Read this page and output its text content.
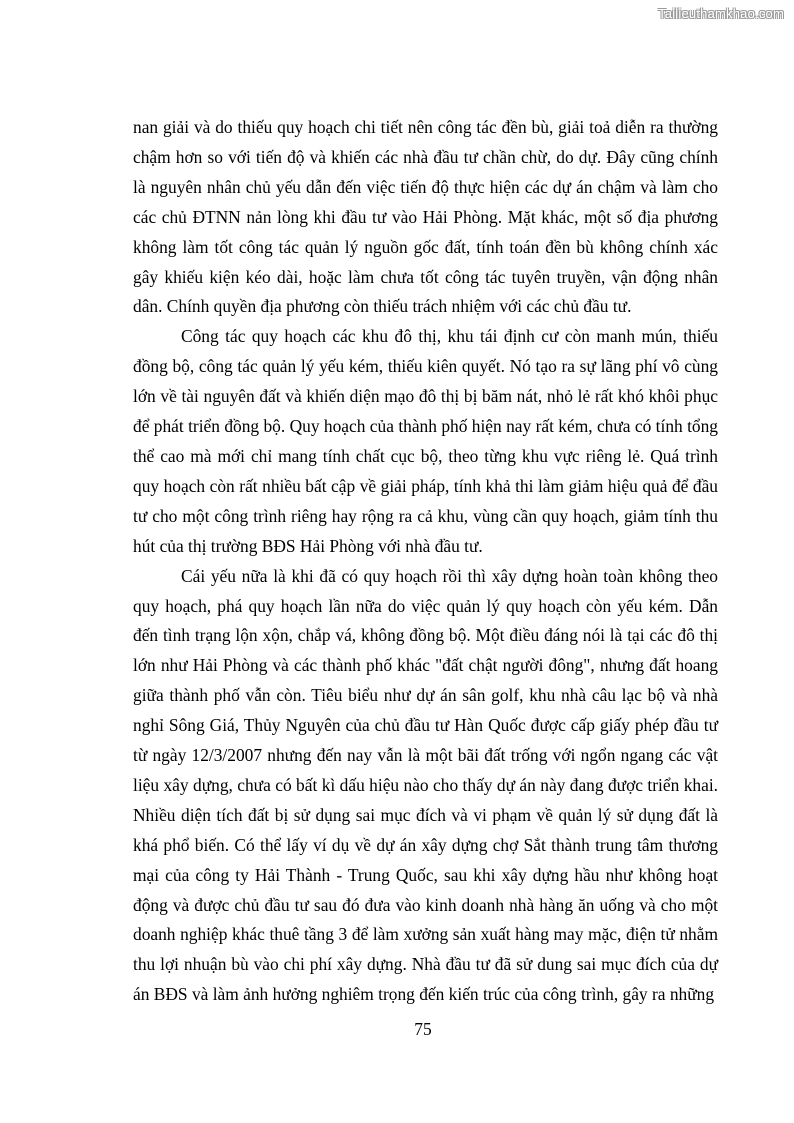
Tailieuthamkhao.com

nan giải và do thiếu quy hoạch chi tiết nên công tác đền bù, giải toả diễn ra thường chậm hơn so với tiến độ và khiến các nhà đầu tư chần chừ, do dự. Đây cũng chính là nguyên nhân chủ yếu dẫn đến việc tiến độ thực hiện các dự án chậm và làm cho các chủ ĐTNN nản lòng khi đầu tư vào Hải Phòng. Mặt khác, một số địa phương không làm tốt công tác quản lý nguồn gốc đất, tính toán đền bù không chính xác gây khiếu kiện kéo dài, hoặc làm chưa tốt công tác tuyên truyền, vận động nhân dân. Chính quyền địa phương còn thiếu trách nhiệm với các chủ đầu tư.

Công tác quy hoạch các khu đô thị, khu tái định cư còn manh mún, thiếu đồng bộ, công tác quản lý yếu kém, thiếu kiên quyết. Nó tạo ra sự lãng phí vô cùng lớn về tài nguyên đất và khiến diện mạo đô thị bị băm nát, nhỏ lẻ rất khó khôi phục để phát triển đồng bộ. Quy hoạch của thành phố hiện nay rất kém, chưa có tính tổng thể cao mà mới chỉ mang tính chất cục bộ, theo từng khu vực riêng lẻ. Quá trình quy hoạch còn rất nhiều bất cập về giải pháp, tính khả thi làm giảm hiệu quả để đầu tư cho một công trình riêng hay rộng ra cả khu, vùng cần quy hoạch, giảm tính thu hút của thị trường BĐS Hải Phòng với nhà đầu tư.

Cái yếu nữa là khi đã có quy hoạch rồi thì xây dựng hoàn toàn không theo quy hoạch, phá quy hoạch lần nữa do việc quản lý quy hoạch còn yếu kém. Dẫn đến tình trạng lộn xộn, chắp vá, không đồng bộ. Một điều đáng nói là tại các đô thị lớn như Hải Phòng và các thành phố khác "đất chật người đông", nhưng đất hoang giữa thành phố vẫn còn. Tiêu biểu như dự án sân golf, khu nhà câu lạc bộ và nhà nghỉ Sông Giá, Thủy Nguyên của chủ đầu tư Hàn Quốc được cấp giấy phép đầu tư từ ngày 12/3/2007 nhưng đến nay vẫn là một bãi đất trống với ngổn ngang các vật liệu xây dựng, chưa có bất kì dấu hiệu nào cho thấy dự án này đang được triển khai. Nhiều diện tích đất bị sử dụng sai mục đích và vi phạm về quản lý sử dụng đất là khá phổ biến. Có thể lấy ví dụ về dự án xây dựng chợ Sắt thành trung tâm thương mại của công ty Hải Thành - Trung Quốc, sau khi xây dựng hầu như không hoạt động và được chủ đầu tư sau đó đưa vào kinh doanh nhà hàng ăn uống và cho một doanh nghiệp khác thuê tầng 3 để làm xưởng sản xuất hàng may mặc, điện tử nhằm thu lợi nhuận bù vào chi phí xây dựng. Nhà đầu tư đã sử dung sai mục đích của dự án BĐS và làm ảnh hưởng nghiêm trọng đến kiến trúc của công trình, gây ra những

75
